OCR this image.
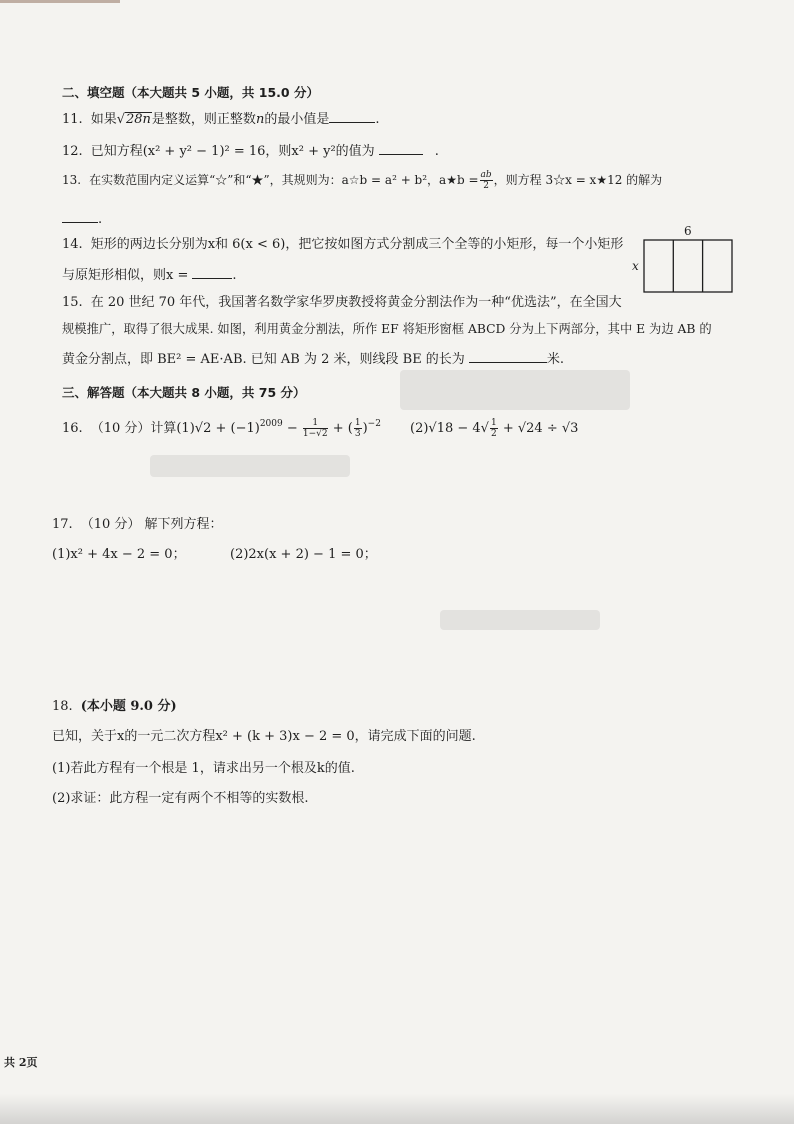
二、填空题（本大题共 5 小题，共 15.0 分）
11. 如果√28n是整数，则正整数n的最小值是	.
12. 已知方程(x² + y² − 1)² = 16，则x² + y²的值为	.
13. 在实数范围内定义运算“☆”和“★”，其规则为：a☆b = a² + b²，a★b = $\frac{ab}{2}$ ，则方程 3☆x = x★12 的解为
.
14. 矩形的两边长分别为x和 6(x < 6)，把它按如图方式分割成三个全等的小矩形，每一个小矩形
与原矩形相似，则x =	.
6
x
15. 在 20 世纪 70 年代，我国著名数学家华罗庚教授将黄金分割法作为一种“优选法”，在全国大
规模推广，取得了很大成果. 如图，利用黄金分割法，所作 EF 将矩形窗框 ABCD 分为上下两部分，其中 E 为边 AB 的
黄金分割点，即 BE² = AE·AB. 已知 AB 为 2 米，则线段 BE 的长为	米.
三、解答题（本大题共 8 小题，共 75 分）
16. （10 分）计算$(1)√2 + (-1)^{2009} - \frac{1}{1-√2}$ + ( $\frac{1}{3} )^{-2}$ $(2)√18 - 4√ \frac{1}{2} + √24 \div √3$
17. （10 分） 解下列方程：
(1)x² + 4x − 2 = 0；	(2)2x(x + 2) − 1 = 0；
18. (本小题 9.0 分)
已知，关于x的一元二次方程x² + (k + 3)x − 2 = 0，请完成下面的问题.
(1)若此方程有一个根是 1，请求出另一个根及k的值.
(2)求证：此方程一定有两个不相等的实数根.
共 2页
